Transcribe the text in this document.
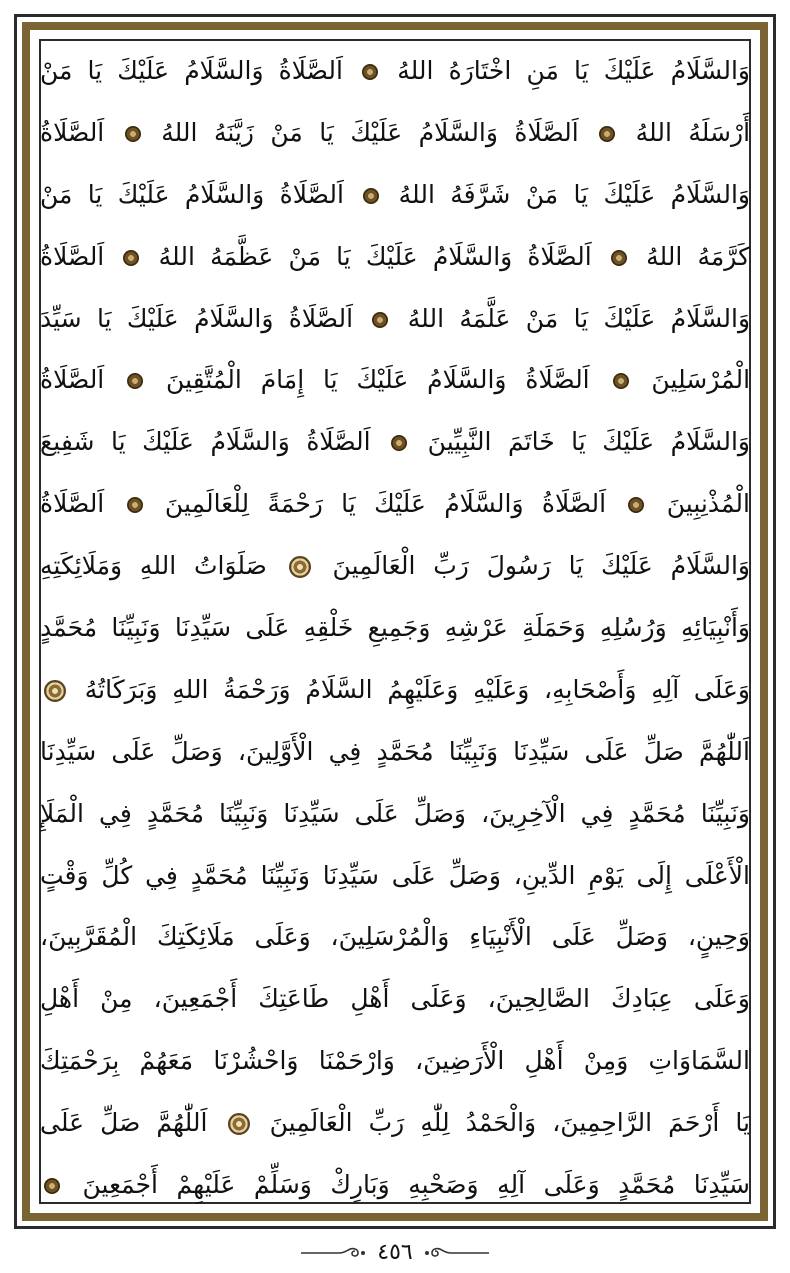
وَالسَّلَامُ عَلَيْكَ يَا مَنِ اخْتَارَهُ اللهُ  اَلصَّلَاةُ وَالسَّلَامُ عَلَيْكَ يَا مَنْ
أَرْسَلَهُ اللهُ  اَلصَّلَاةُ وَالسَّلَامُ عَلَيْكَ يَا مَنْ زَيَّنَهُ اللهُ  اَلصَّلَاةُ
وَالسَّلَامُ عَلَيْكَ يَا مَنْ شَرَّفَهُ اللهُ  اَلصَّلَاةُ وَالسَّلَامُ عَلَيْكَ يَا مَنْ
كَرَّمَهُ اللهُ  اَلصَّلَاةُ وَالسَّلَامُ عَلَيْكَ يَا مَنْ عَظَّمَهُ اللهُ  اَلصَّلَاةُ
وَالسَّلَامُ عَلَيْكَ يَا مَنْ عَلَّمَهُ اللهُ  اَلصَّلَاةُ وَالسَّلَامُ عَلَيْكَ يَا سَيِّدَ
الْمُرْسَلِينَ  اَلصَّلَاةُ وَالسَّلَامُ عَلَيْكَ يَا إِمَامَ الْمُتَّقِينَ  اَلصَّلَاةُ
وَالسَّلَامُ عَلَيْكَ يَا خَاتَمَ النَّبِيِّينَ  اَلصَّلَاةُ وَالسَّلَامُ عَلَيْكَ يَا شَفِيعَ
الْمُذْنِبِينَ  اَلصَّلَاةُ وَالسَّلَامُ عَلَيْكَ يَا رَحْمَةً لِلْعَالَمِينَ  اَلصَّلَاةُ
وَالسَّلَامُ عَلَيْكَ يَا رَسُولَ رَبِّ الْعَالَمِينَ  صَلَوَاتُ اللهِ وَمَلَائِكَتِهِ
وَأَنْبِيَائِهِ وَرُسُلِهِ وَحَمَلَةِ عَرْشِهِ وَجَمِيعِ خَلْقِهِ عَلَى سَيِّدِنَا وَنَبِيِّنَا مُحَمَّدٍ
وَعَلَى آلِهِ وَأَصْحَابِهِ، وَعَلَيْهِ وَعَلَيْهِمُ السَّلَامُ وَرَحْمَةُ اللهِ وَبَرَكَاتُهُ
اَللّٰهُمَّ صَلِّ عَلَى سَيِّدِنَا وَنَبِيِّنَا مُحَمَّدٍ فِي الْأَوَّلِينَ، وَصَلِّ عَلَى سَيِّدِنَا
وَنَبِيِّنَا مُحَمَّدٍ فِي الْآخِرِينَ، وَصَلِّ عَلَى سَيِّدِنَا وَنَبِيِّنَا مُحَمَّدٍ فِي الْمَلَإِ
الْأَعْلَى إِلَى يَوْمِ الدِّينِ، وَصَلِّ عَلَى سَيِّدِنَا وَنَبِيِّنَا مُحَمَّدٍ فِي كُلِّ وَقْتٍ
وَحِينٍ، وَصَلِّ عَلَى الْأَنْبِيَاءِ وَالْمُرْسَلِينَ، وَعَلَى مَلَائِكَتِكَ الْمُقَرَّبِينَ،
وَعَلَى عِبَادِكَ الصَّالِحِينَ، وَعَلَى أَهْلِ طَاعَتِكَ أَجْمَعِينَ، مِنْ أَهْلِ
السَّمَاوَاتِ وَمِنْ أَهْلِ الْأَرَضِينَ، وَارْحَمْنَا وَاحْشُرْنَا مَعَهُمْ بِرَحْمَتِكَ
يَا أَرْحَمَ الرَّاحِمِينَ، وَالْحَمْدُ لِلّٰهِ رَبِّ الْعَالَمِينَ  اَللّٰهُمَّ صَلِّ عَلَى
سَيِّدِنَا مُحَمَّدٍ وَعَلَى آلِهِ وَصَحْبِهِ وَبَارِكْ وَسَلِّمْ عَلَيْهِمْ أَجْمَعِينَ
٤٥٦
